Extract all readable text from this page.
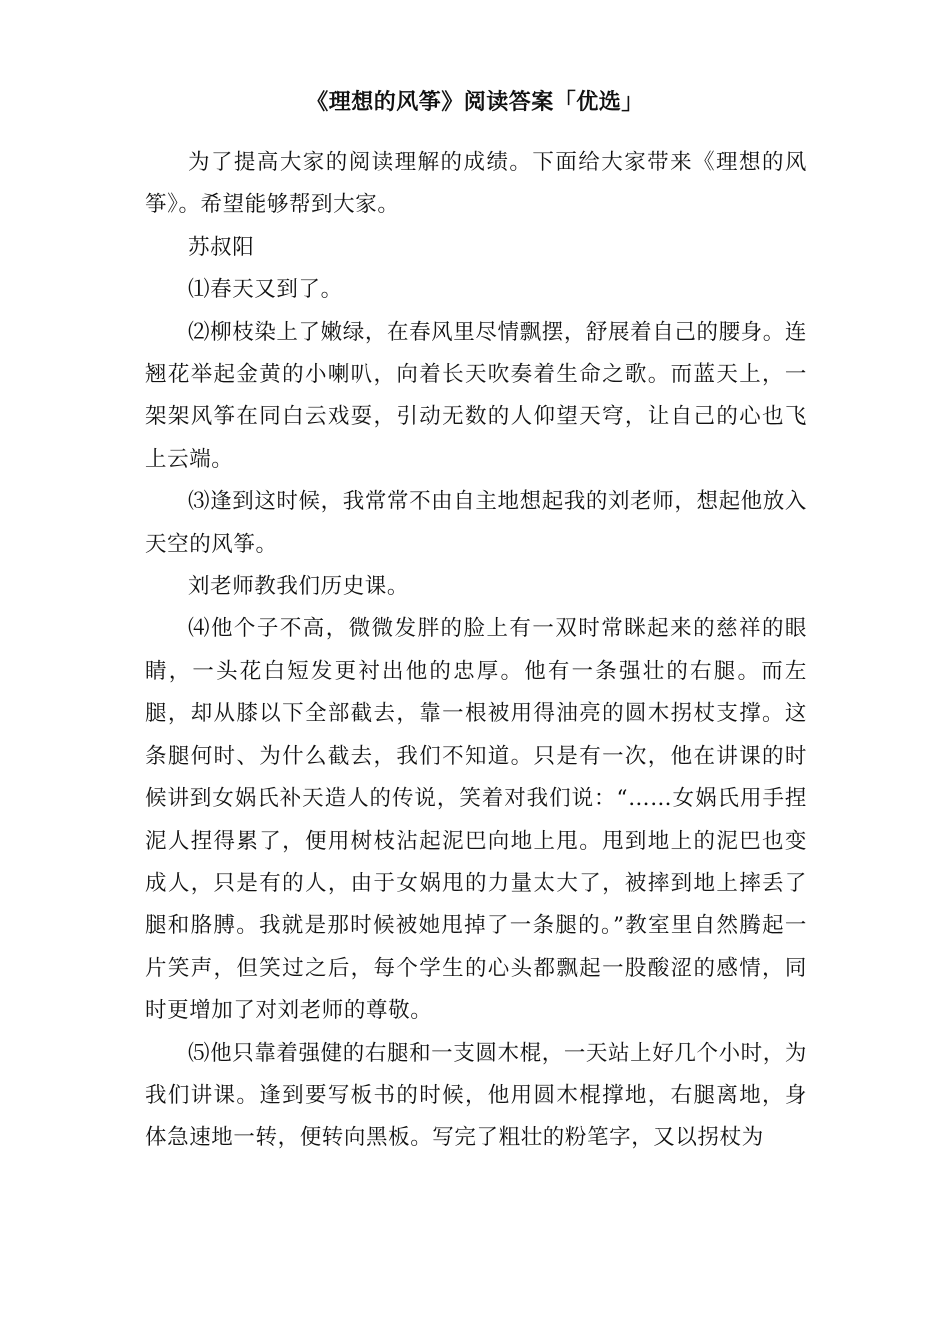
《理想的风筝》阅读答案「优选」

为了提高大家的阅读理解的成绩。下面给大家带来《理想的风筝》。希望能够帮到大家。

苏叔阳

⑴春天又到了。

⑵柳枝染上了嫩绿，在春风里尽情飘摆，舒展着自己的腰身。连翘花举起金黄的小喇叭，向着长天吹奏着生命之歌。而蓝天上，一架架风筝在同白云戏耍，引动无数的人仰望天穹，让自己的心也飞上云端。

⑶逢到这时候，我常常不由自主地想起我的刘老师，想起他放入天空的风筝。

刘老师教我们历史课。

⑷他个子不高，微微发胖的脸上有一双时常眯起来的慈祥的眼睛，一头花白短发更衬出他的忠厚。他有一条强壮的右腿。而左腿，却从膝以下全部截去，靠一根被用得油亮的圆木拐杖支撑。这条腿何时、为什么截去，我们不知道。只是有一次，他在讲课的时候讲到女娲氏补天造人的传说，笑着对我们说：“……女娲氏用手捏泥人捏得累了，便用树枝沾起泥巴向地上甩。甩到地上的泥巴也变成人，只是有的人，由于女娲甩的力量太大了，被摔到地上摔丢了腿和胳膊。我就是那时候被她甩掉了一条腿的。”教室里自然腾起一片笑声，但笑过之后，每个学生的心头都飘起一股酸涩的感情，同时更增加了对刘老师的尊敬。

⑸他只靠着强健的右腿和一支圆木棍，一天站上好几个小时，为我们讲课。逢到要写板书的时候，他用圆木棍撑地，右腿离地，身体急速地一转，便转向黑板。写完了粗壮的粉笔字，又以拐杖为
